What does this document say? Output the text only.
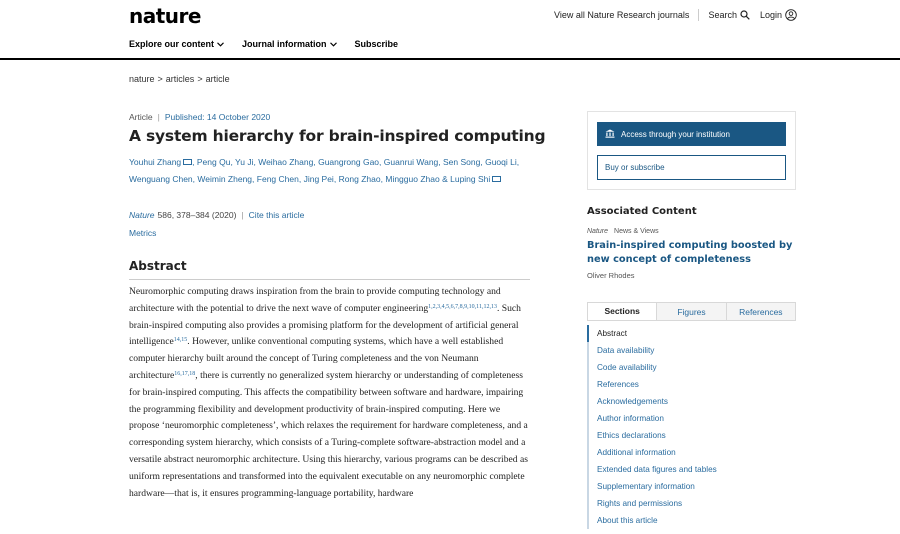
nature	View all Nature Research journals Search	Login
Explore our content	Journal information	Subscribe
nature > articles > article
Article | Published: 14 October 2020
A system hierarchy for brain-inspired computing
Youhui Zhang , Peng Qu, Yu Ji, Weihao Zhang, Guangrong Gao, Guanrui Wang, Sen Song, Guoqi Li, Wenguang Chen, Weimin Zheng, Feng Chen, Jing Pei, Rong Zhao, Mingguo Zhao & Luping Shi
Nature 586, 378–384 (2020) | Cite this article
Metrics
Abstract

Neuromorphic computing draws inspiration from the brain to provide computing technology and architecture with the potential to drive the next wave of computer engineering$^{1,2,3,4,5,6,7,8,9,10,11,12,13}$. Such brain-inspired computing also provides a promising platform for the development of artificial general intelligence$^{14,15}$. However, unlike conventional computing systems, which have a well established computer hierarchy built around the concept of Turing completeness and the von Neumann architecture$^{16,17,18}$, there is currently no generalized system hierarchy or understanding of completeness for brain-inspired computing. This affects the compatibility between software and hardware, impairing the programming flexibility and development productivity of brain-inspired computing. Here we propose ‘neuromorphic completeness’, which relaxes the requirement for hardware completeness, and a corresponding system hierarchy, which consists of a Turing-complete software-abstraction model and a versatile abstract neuromorphic architecture. Using this hierarchy, various programs can be described as uniform representations and transformed into the equivalent executable on any neuromorphic complete hardware—that is, it ensures programming-language portability, hardware

Access through your institution
Buy or subscribe
Associated Content
Nature News & Views
Brain-inspired computing boosted by new concept of completeness
Oliver Rhodes
Sections	Figures	References
Abstract
Data availability
Code availability
References
Acknowledgements
Author information
Ethics declarations
Additional information
Extended data figures and tables
Supplementary information
Rights and permissions
About this article
